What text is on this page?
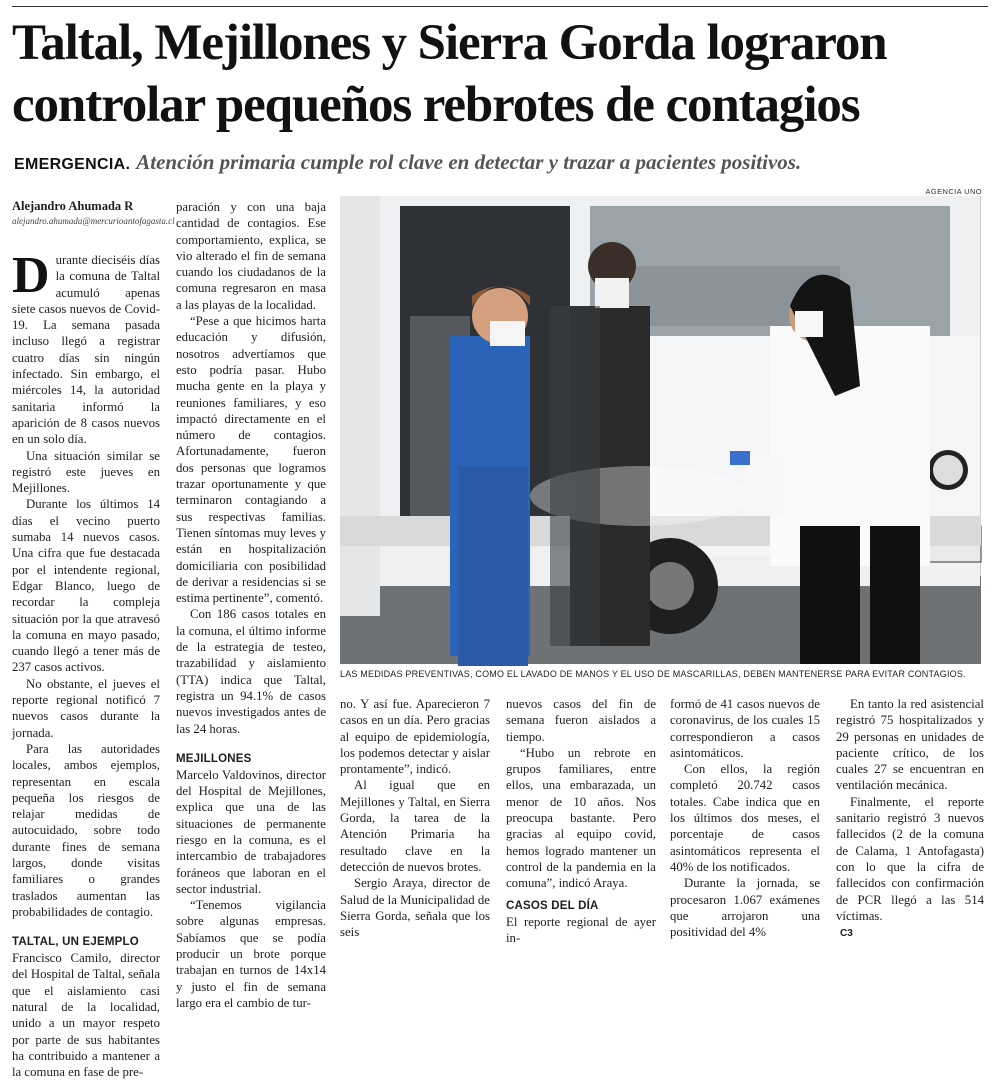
Taltal, Mejillones y Sierra Gorda lograron controlar pequeños rebrotes de contagios
EMERGENCIA. Atención primaria cumple rol clave en detectar y trazar a pacientes positivos.
Alejandro Ahumada R
alejandro.ahumada@mercurioantofagasta.cl
D urante dieciséis días la comuna de Taltal acumuló apenas siete casos nuevos de Covid-19. La semana pasada incluso llegó a registrar cuatro días sin ningún infectado. Sin embargo, el miércoles 14, la autoridad sanitaria informó la aparición de 8 casos nuevos en un solo día.

Una situación similar se registró este jueves en Mejillones.

Durante los últimos 14 días el vecino puerto sumaba 14 nuevos casos. Una cifra que fue destacada por el intendente regional, Edgar Blanco, luego de recordar la compleja situación por la que atravesó la comuna en mayo pasado, cuando llegó a tener más de 237 casos activos.

No obstante, el jueves el reporte regional notificó 7 nuevos casos durante la jornada.

Para las autoridades locales, ambos ejemplos, representan en escala pequeña los riesgos de relajar medidas de autocuidado, sobre todo durante fines de semana largos, donde visitas familiares o grandes traslados aumentan las probabilidades de contagio.

TALTAL, UN EJEMPLO

Francisco Camilo, director del Hospital de Taltal, señala que el aislamiento casi natural de la localidad, unido a un mayor respeto por parte de sus habitantes ha contribuido a mantener a la comuna en fase de pre-

paración y con una baja cantidad de contagios. Ese comportamiento, explica, se vio alterado el fin de semana cuando los ciudadanos de la comuna regresaron en masa a las playas de la localidad.

“Pese a que hicimos harta educación y difusión, nosotros advertíamos que esto podría pasar. Hubo mucha gente en la playa y reuniones familiares, y eso impactó directamente en el número de contagios. Afortunadamente, fueron dos personas que logramos trazar oportunamente y que terminaron contagiando a sus respectivas familias. Tienen síntomas muy leves y están en hospitalización domiciliaria con posibilidad de derivar a residencias si se estima pertinente”, comentó.

Con 186 casos totales en la comuna, el último informe de la estrategia de testeo, trazabilidad y aislamiento (TTA) indica que Taltal, registra un 94.1% de casos nuevos investigados antes de las 24 horas.

MEJILLONES

Marcelo Valdovinos, director del Hospital de Mejillones, explica que una de las situaciones de permanente riesgo en la comuna, es el intercambio de trabajadores foráneos que laboran en el sector industrial.

“Tenemos vigilancia sobre algunas empresas. Sabíamos que se podía producir un brote porque trabajan en turnos de 14x14 y justo el fin de semana largo era el cambio de tur-

AGENCIA UNO
LAS MEDIDAS PREVENTIVAS, COMO EL LAVADO DE MANOS Y EL USO DE MASCARILLAS, DEBEN MANTENERSE PARA EVITAR CONTAGIOS.

no. Y así fue. Aparecieron 7 casos en un día. Pero gracias al equipo de epidemiología, los podemos detectar y aislar prontamente”, indicó.

Al igual que en Mejillones y Taltal, en Sierra Gorda, la tarea de la Atención Primaria ha resultado clave en la detección de nuevos brotes.

Sergio Araya, director de Salud de la Municipalidad de Sierra Gorda, señala que los seis

nuevos casos del fin de semana fueron aislados a tiempo.

“Hubo un rebrote en grupos familiares, entre ellos, una embarazada, un menor de 10 años. Nos preocupa bastante. Pero gracias al equipo covid, hemos logrado mantener un control de la pandemia en la comuna”, indicó Araya.

CASOS DEL DÍA

El reporte regional de ayer in-

formó de 41 casos nuevos de coronavirus, de los cuales 15 correspondieron a casos asintomáticos.

Con ellos, la región completó 20.742 casos totales. Cabe indica que en los últimos dos meses, el porcentaje de casos asintomáticos representa el 40% de los notificados.

Durante la jornada, se procesaron 1.067 exámenes que arrojaron una positividad del 4%

En tanto la red asistencial registró 75 hospitalizados y 29 personas en unidades de paciente crítico, de los cuales 27 se encuentran en ventilación mecánica.

Finalmente, el reporte sanitario registró 3 nuevos fallecidos (2 de la comuna de Calama, 1 Antofagasta) con lo que la cifra de fallecidos con confirmación de PCR llegó a las 514 víctimas.

C3
